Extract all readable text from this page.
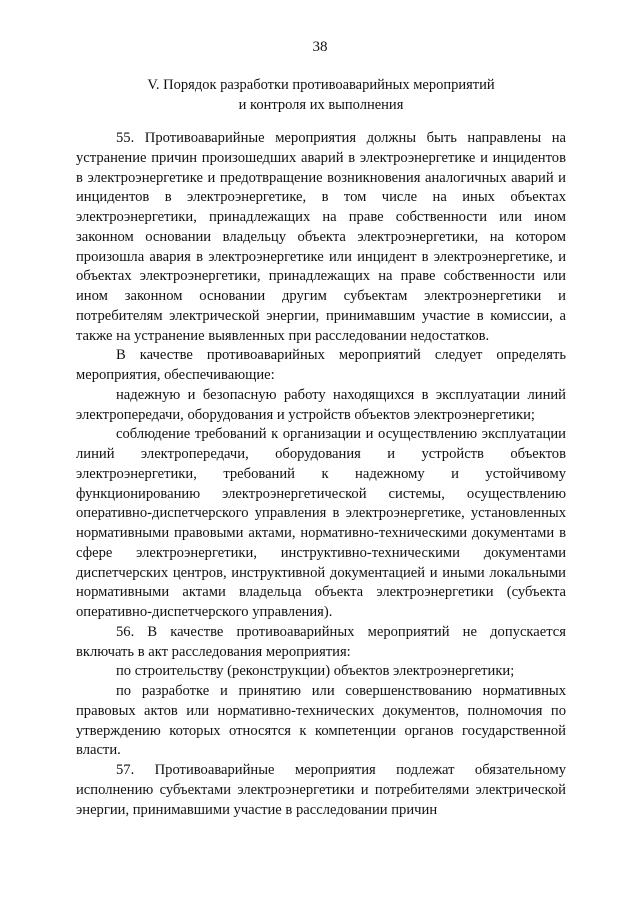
38
V. Порядок разработки противоаварийных мероприятий
и контроля их выполнения

55. Противоаварийные мероприятия должны быть направлены на устранение причин произошедших аварий в электроэнергетике и инцидентов в электроэнергетике и предотвращение возникновения аналогичных аварий и инцидентов в электроэнергетике, в том числе на иных объектах электроэнергетики, принадлежащих на праве собственности или ином законном основании владельцу объекта электроэнергетики, на котором произошла авария в электроэнергетике или инцидент в электроэнергетике, и объектах электроэнергетики, принадлежащих на праве собственности или ином законном основании другим субъектам электроэнергетики и потребителям электрической энергии, принимавшим участие в комиссии, а также на устранение выявленных при расследовании недостатков.

В качестве противоаварийных мероприятий следует определять мероприятия, обеспечивающие:

надежную и безопасную работу находящихся в эксплуатации линий электропередачи, оборудования и устройств объектов электроэнергетики;

соблюдение требований к организации и осуществлению эксплуатации линий электропередачи, оборудования и устройств объектов электроэнергетики, требований к надежному и устойчивому функционированию электроэнергетической системы, осуществлению оперативно-диспетчерского управления в электроэнергетике, установленных нормативными правовыми актами, нормативно-техническими документами в сфере электроэнергетики, инструктивно-техническими документами диспетчерских центров, инструктивной документацией и иными локальными нормативными актами владельца объекта электроэнергетики (субъекта оперативно-диспетчерского управления).

56. В качестве противоаварийных мероприятий не допускается включать в акт расследования мероприятия:

по строительству (реконструкции) объектов электроэнергетики;

по разработке и принятию или совершенствованию нормативных правовых актов или нормативно-технических документов, полномочия по утверждению которых относятся к компетенции органов государственной власти.

57. Противоаварийные мероприятия подлежат обязательному исполнению субъектами электроэнергетики и потребителями электрической энергии, принимавшими участие в расследовании причин
